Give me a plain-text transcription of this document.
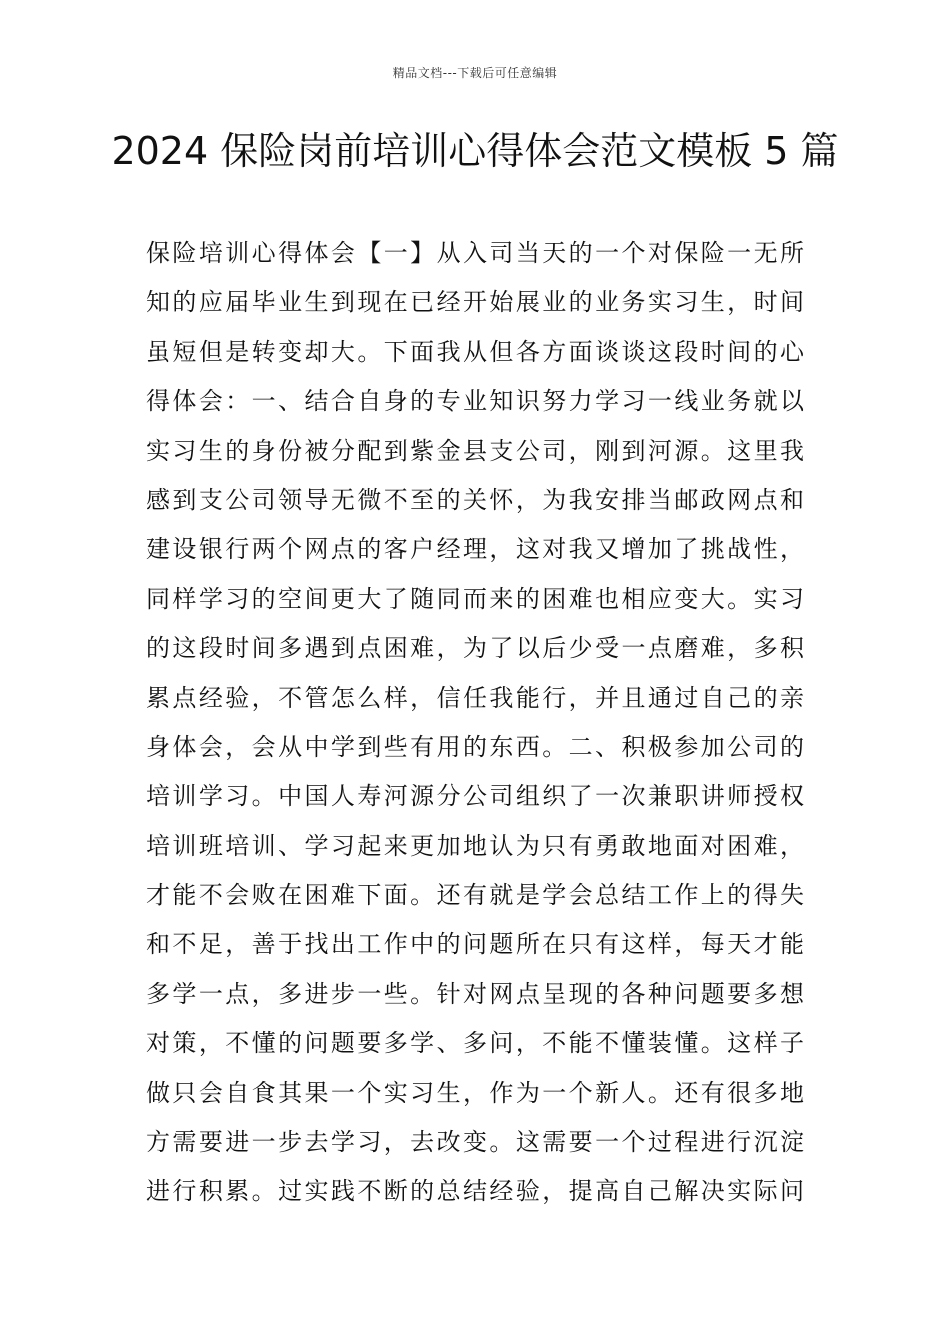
精品文档---下载后可任意编辑
2024 保险岗前培训心得体会范文模板 5 篇
保险培训心得体会【一】从入司当天的一个对保险一无所
知的应届毕业生到现在已经开始展业的业务实习生，时间
虽短但是转变却大。下面我从但各方面谈谈这段时间的心
得体会：一、结合自身的专业知识努力学习一线业务就以
实习生的身份被分配到紫金县支公司，刚到河源。这里我
感到支公司领导无微不至的关怀，为我安排当邮政网点和
建设银行两个网点的客户经理，这对我又增加了挑战性，
同样学习的空间更大了随同而来的困难也相应变大。实习
的这段时间多遇到点困难，为了以后少受一点磨难，多积
累点经验，不管怎么样，信任我能行，并且通过自己的亲
身体会，会从中学到些有用的东西。二、积极参加公司的
培训学习。中国人寿河源分公司组织了一次兼职讲师授权
培训班培训、学习起来更加地认为只有勇敢地面对困难，
才能不会败在困难下面。还有就是学会总结工作上的得失
和不足，善于找出工作中的问题所在只有这样，每天才能
多学一点，多进步一些。针对网点呈现的各种问题要多想
对策，不懂的问题要多学、多问，不能不懂装懂。这样子
做只会自食其果一个实习生，作为一个新人。还有很多地
方需要进一步去学习，去改变。这需要一个过程进行沉淀
进行积累。过实践不断的总结经验，提高自己解决实际问
